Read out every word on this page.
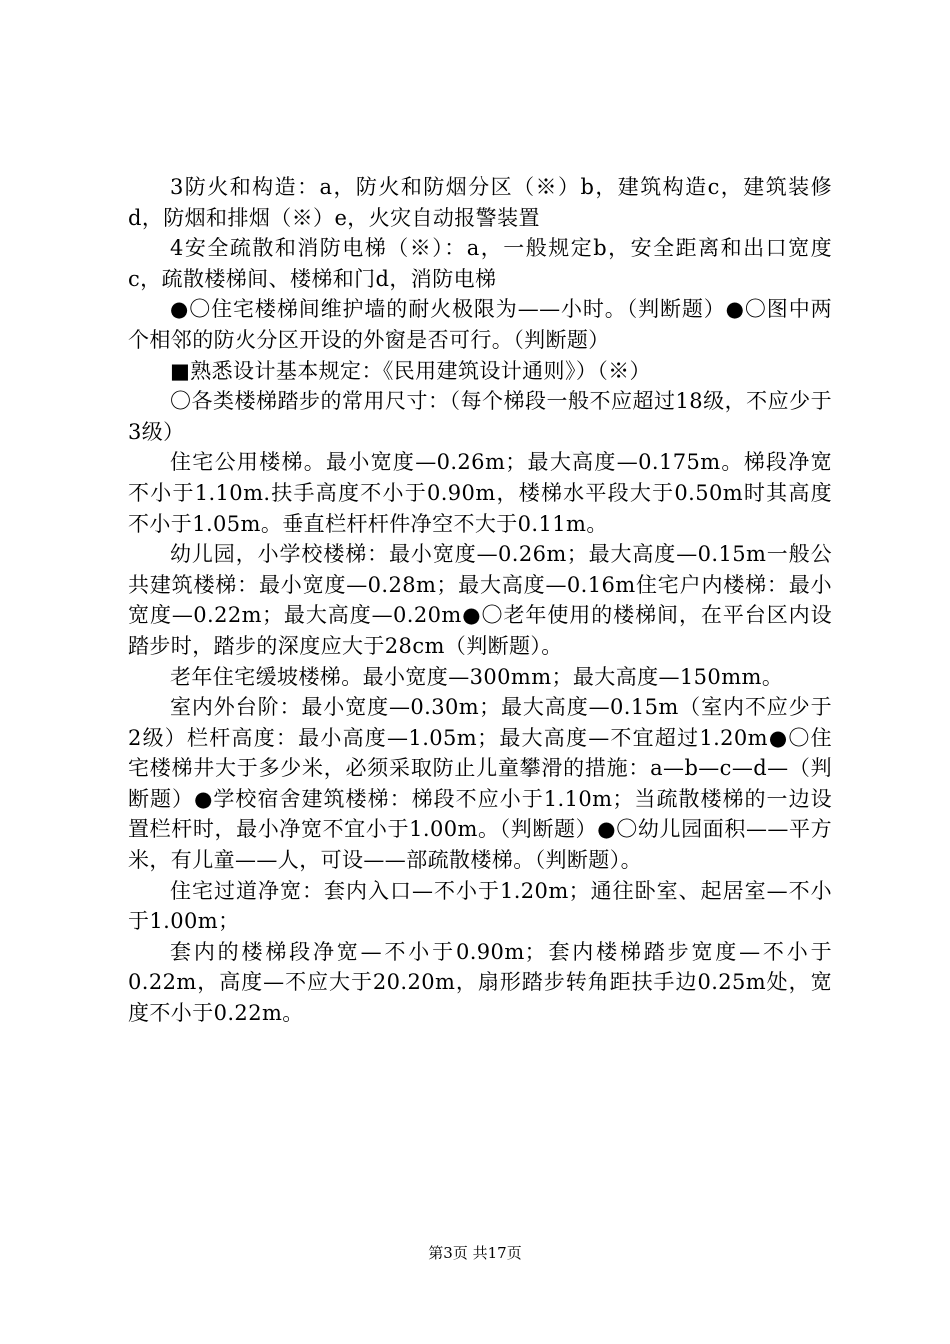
3防火和构造：a，防火和防烟分区（※）b，建筑构造c，建筑装修d，防烟和排烟（※）e，火灾自动报警装置

4安全疏散和消防电梯（※）：a，一般规定b，安全距离和出口宽度c，疏散楼梯间、楼梯和门d，消防电梯

●〇住宅楼梯间维护墙的耐火极限为——小时。（判断题）●〇图中两个相邻的防火分区开设的外窗是否可行。（判断题）

■熟悉设计基本规定：《民用建筑设计通则》）（※）

〇各类楼梯踏步的常用尺寸：（每个梯段一般不应超过18级，不应少于3级）

住宅公用楼梯。最小宽度—0.26m；最大高度—0.175m。梯段净宽不小于1.10m.扶手高度不小于0.90m，楼梯水平段大于0.50m时其高度不小于1.05m。垂直栏杆杆件净空不大于0.11m。

幼儿园，小学校楼梯：最小宽度—0.26m；最大高度—0.15m一般公共建筑楼梯：最小宽度—0.28m；最大高度—0.16m住宅户内楼梯：最小宽度—0.22m；最大高度—0.20m●〇老年使用的楼梯间，在平台区内设踏步时，踏步的深度应大于28cm（判断题）。

老年住宅缓坡楼梯。最小宽度—300mm；最大高度—150mm。

室内外台阶：最小宽度—0.30m；最大高度—0.15m（室内不应少于2级）栏杆高度：最小高度—1.05m；最大高度—不宜超过1.20m●〇住宅楼梯井大于多少米，必须采取防止儿童攀滑的措施：a—b—c—d—（判断题）●学校宿舍建筑楼梯：梯段不应小于1.10m；当疏散楼梯的一边设置栏杆时，最小净宽不宜小于1.00m。（判断题）●〇幼儿园面积——平方米，有儿童——人，可设——部疏散楼梯。（判断题）。

住宅过道净宽：套内入口—不小于1.20m；通往卧室、起居室—不小于1.00m；

套内的楼梯段净宽—不小于0.90m；套内楼梯踏步宽度—不小于0.22m，高度—不应大于20.20m，扇形踏步转角距扶手边0.25m处，宽度不小于0.22m。

第3页 共17页
